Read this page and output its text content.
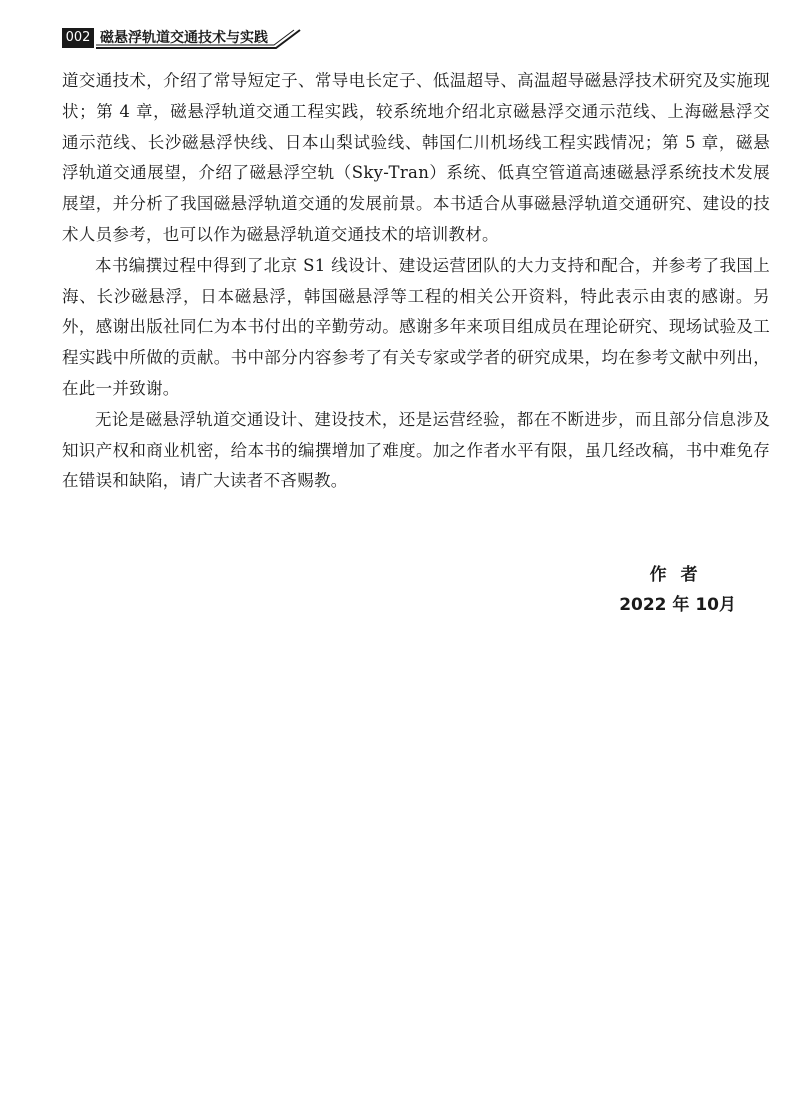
002 磁悬浮轨道交通技术与实践

道交通技术，介绍了常导短定子、常导电长定子、低温超导、高温超导磁悬浮技术研究及实施现状；第 4 章，磁悬浮轨道交通工程实践，较系统地介绍北京磁悬浮交通示范线、上海磁悬浮交通示范线、长沙磁悬浮快线、日本山梨试验线、韩国仁川机场线工程实践情况；第 5 章，磁悬浮轨道交通展望，介绍了磁悬浮空轨（Sky-Tran）系统、低真空管道高速磁悬浮系统技术发展展望，并分析了我国磁悬浮轨道交通的发展前景。本书适合从事磁悬浮轨道交通研究、建设的技术人员参考，也可以作为磁悬浮轨道交通技术的培训教材。

本书编撰过程中得到了北京 S1 线设计、建设运营团队的大力支持和配合，并参考了我国上海、长沙磁悬浮，日本磁悬浮，韩国磁悬浮等工程的相关公开资料，特此表示由衷的感谢。另外，感谢出版社同仁为本书付出的辛勤劳动。感谢多年来项目组成员在理论研究、现场试验及工程实践中所做的贡献。书中部分内容参考了有关专家或学者的研究成果，均在参考文献中列出，在此一并致谢。

无论是磁悬浮轨道交通设计、建设技术，还是运营经验，都在不断进步，而且部分信息涉及知识产权和商业机密，给本书的编撰增加了难度。加之作者水平有限，虽几经改稿，书中难免存在错误和缺陷，请广大读者不吝赐教。

作者
2022 年 10月
